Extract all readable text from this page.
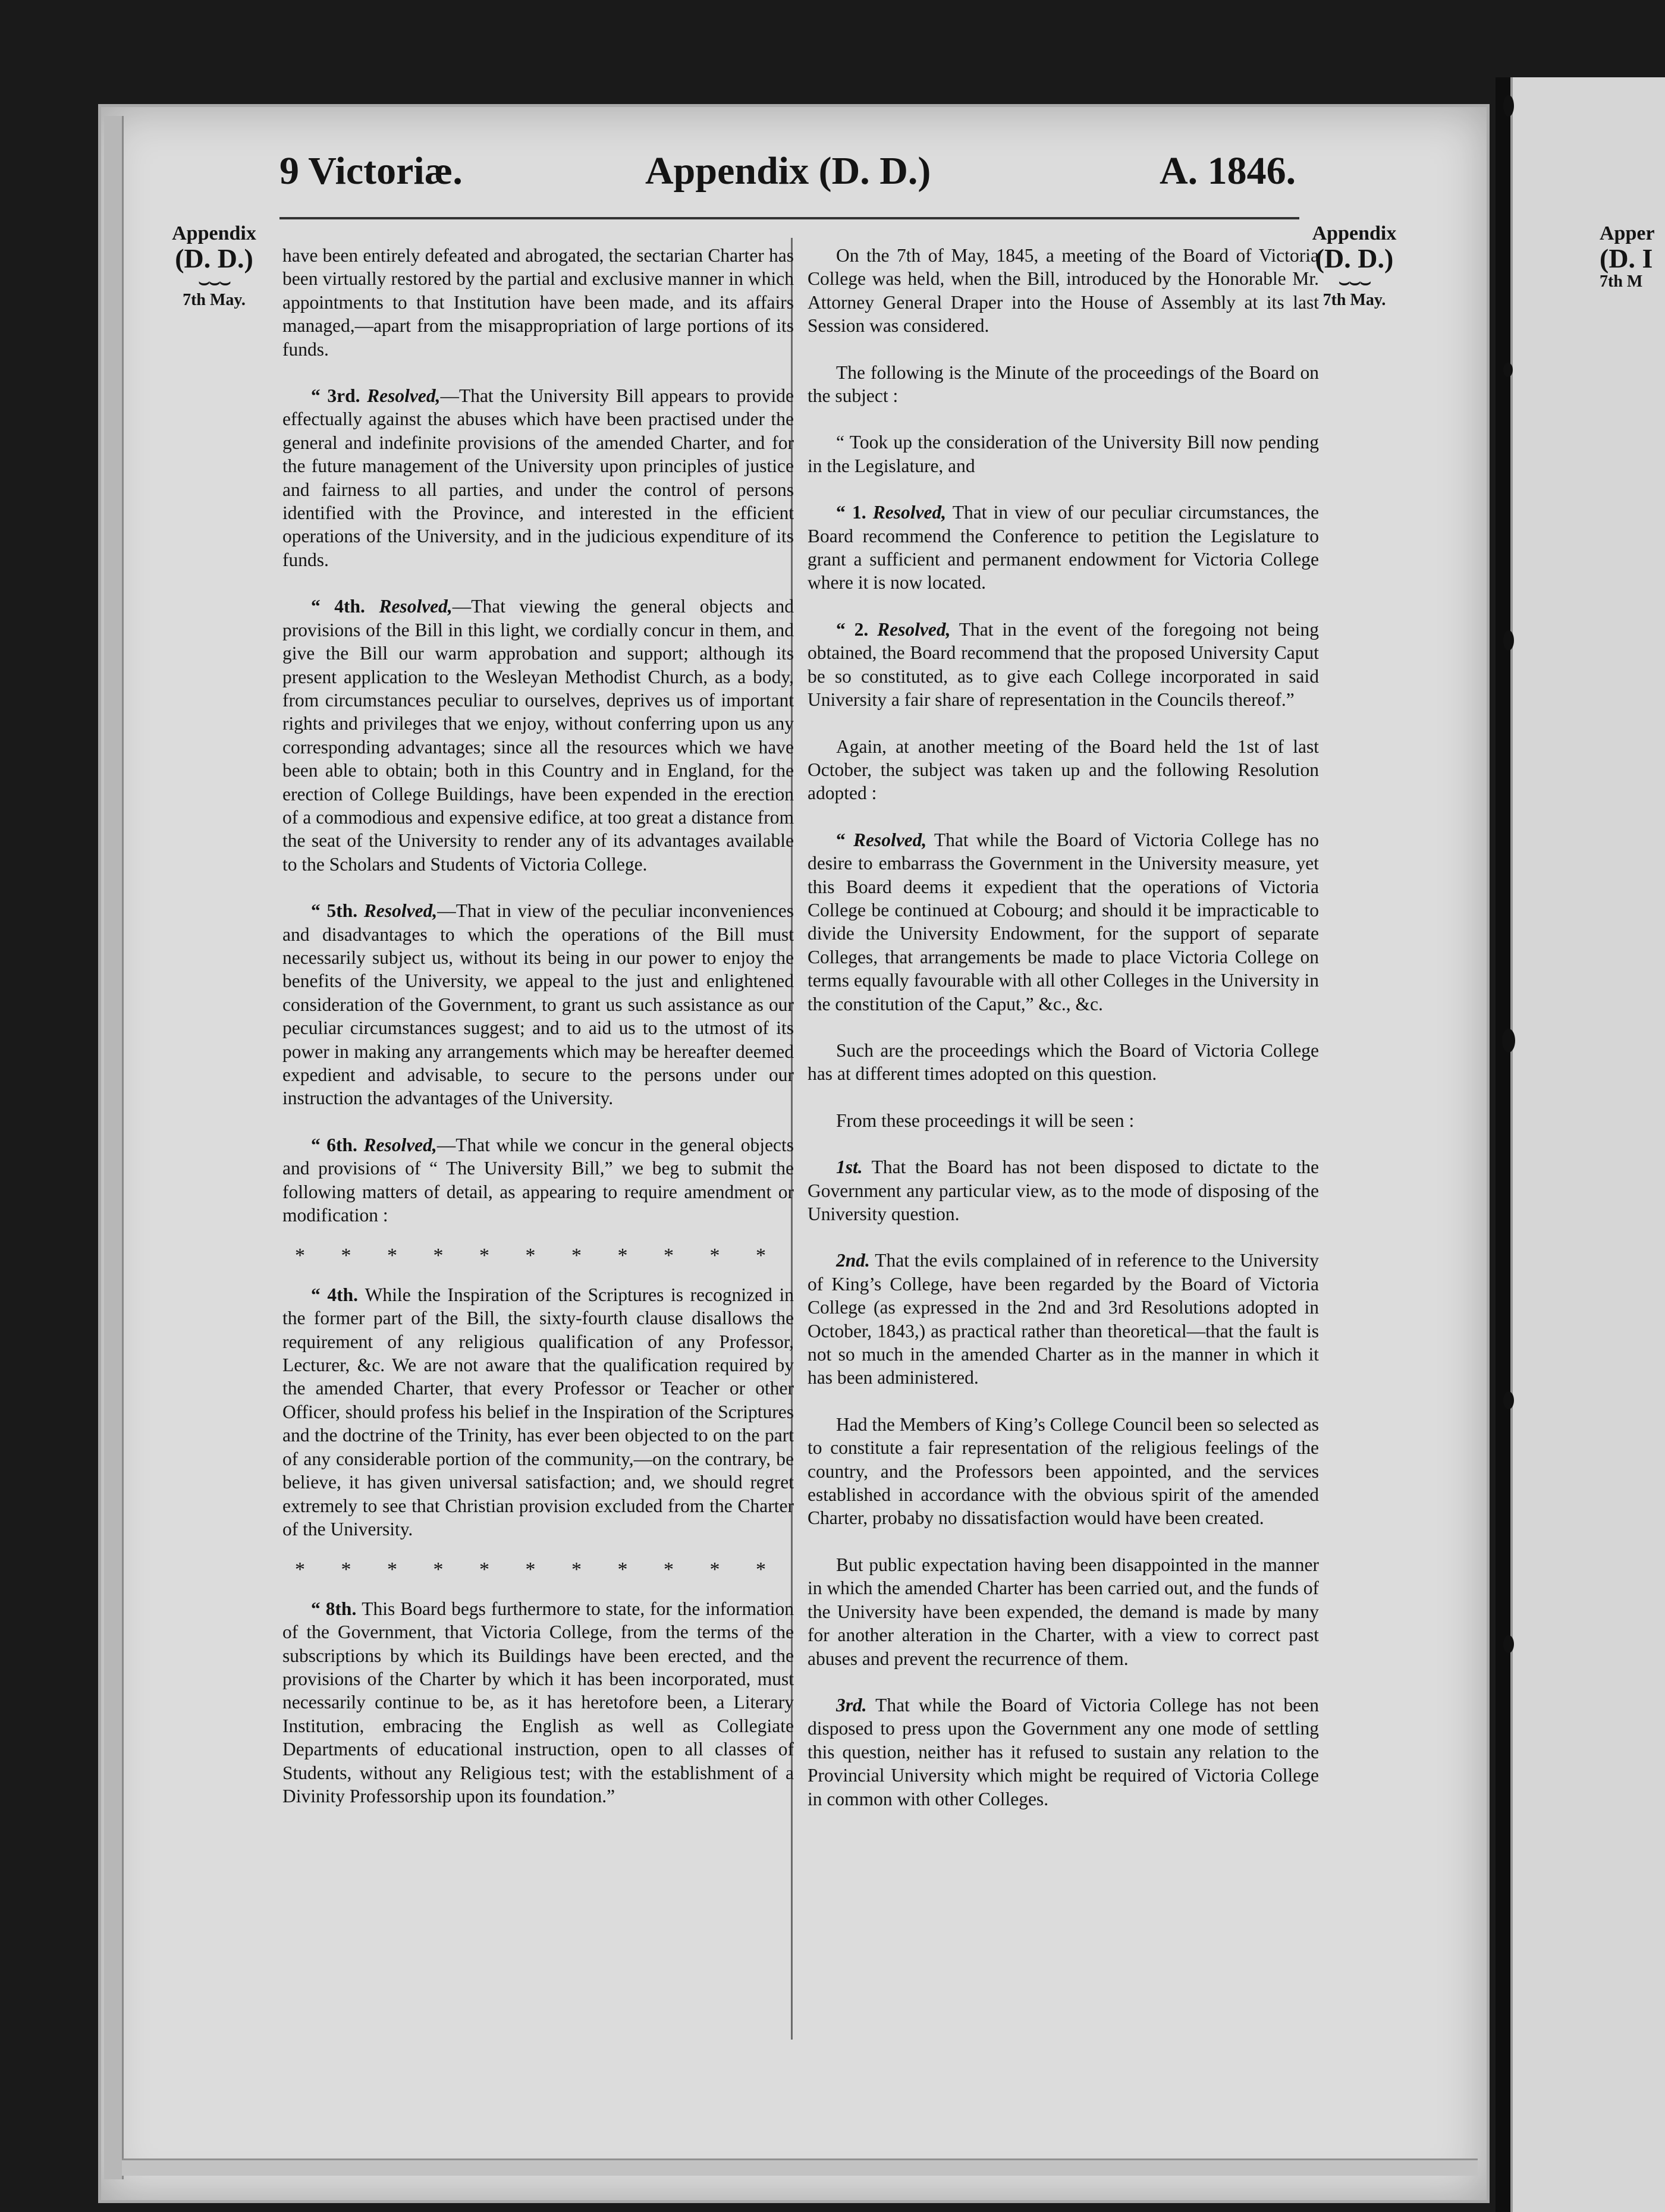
9 Victoriæ.	Appendix (D. D.)	A. 1846.
Appendix
(D. D.)
⌣⌣⌣
7th May.
Appendix
(D. D.)
⌣⌣⌣
7th May.
Apper
(D. I
7th M
have been entirely defeated and abrogated, the sectarian Charter has been virtually restored by the partial and exclusive manner in which appointments to that Institution have been made, and its affairs managed,—apart from the misappropriation of large portions of its funds.
“ 3rd. Resolved,—That the University Bill appears to provide effectually against the abuses which have been practised under the general and indefinite provisions of the amended Charter, and for the future management of the University upon principles of justice and fairness to all parties, and under the control of persons identified with the Province, and interested in the efficient operations of the University, and in the judicious expenditure of its funds.
“ 4th. Resolved,—That viewing the general objects and provisions of the Bill in this light, we cordially concur in them, and give the Bill our warm approbation and support; although its present application to the Wesleyan Methodist Church, as a body, from circumstances peculiar to ourselves, deprives us of important rights and privileges that we enjoy, without conferring upon us any corresponding advantages; since all the resources which we have been able to obtain; both in this Country and in England, for the erection of College Buildings, have been expended in the erection of a commodious and expensive edifice, at too great a distance from the seat of the University to render any of its advantages available to the Scholars and Students of Victoria College.
“ 5th. Resolved,—That in view of the peculiar inconveniences and disadvantages to which the operations of the Bill must necessarily subject us, without its being in our power to enjoy the benefits of the University, we appeal to the just and enlightened consideration of the Government, to grant us such assistance as our peculiar circumstances suggest; and to aid us to the utmost of its power in making any arrangements which may be hereafter deemed expedient and advisable, to secure to the persons under our instruction the advantages of the University.
“ 6th. Resolved,—That while we concur in the general objects and provisions of “ The University Bill,” we beg to submit the following matters of detail, as appearing to require amendment or modification :
* * * * * * * * * * *
“ 4th. While the Inspiration of the Scriptures is recognized in the former part of the Bill, the sixty-fourth clause disallows the requirement of any religious qualification of any Professor, Lecturer, &c. We are not aware that the qualification required by the amended Charter, that every Professor or Teacher or other Officer, should profess his belief in the Inspiration of the Scriptures and the doctrine of the Trinity, has ever been objected to on the part of any considerable portion of the community,—on the contrary, be believe, it has given universal satisfaction; and, we should regret extremely to see that Christian provision excluded from the Charter of the University.
* * * * * * * * * * *
“ 8th. This Board begs furthermore to state, for the information of the Government, that Victoria College, from the terms of the subscriptions by which its Buildings have been erected, and the provisions of the Charter by which it has been incorporated, must necessarily continue to be, as it has heretofore been, a Literary Institution, embracing the English as well as Collegiate Departments of educational instruction, open to all classes of Students, without any Religious test; with the establishment of a Divinity Professorship upon its foundation.”
On the 7th of May, 1845, a meeting of the Board of Victoria College was held, when the Bill, introduced by the Honorable Mr. Attorney General Draper into the House of Assembly at its last Session was considered.
The following is the Minute of the proceedings of the Board on the subject :
“ Took up the consideration of the University Bill now pending in the Legislature, and
“ 1. Resolved, That in view of our peculiar circumstances, the Board recommend the Conference to petition the Legislature to grant a sufficient and permanent endowment for Victoria College where it is now located.
“ 2. Resolved, That in the event of the foregoing not being obtained, the Board recommend that the proposed University Caput be so constituted, as to give each College incorporated in said University a fair share of representation in the Councils thereof.”
Again, at another meeting of the Board held the 1st of last October, the subject was taken up and the following Resolution adopted :
“ Resolved, That while the Board of Victoria College has no desire to embarrass the Government in the University measure, yet this Board deems it expedient that the operations of Victoria College be continued at Cobourg; and should it be impracticable to divide the University Endowment, for the support of separate Colleges, that arrangements be made to place Victoria College on terms equally favourable with all other Colleges in the University in the constitution of the Caput,” &c., &c.
Such are the proceedings which the Board of Victoria College has at different times adopted on this question.
From these proceedings it will be seen :
1st. That the Board has not been disposed to dictate to the Government any particular view, as to the mode of disposing of the University question.
2nd. That the evils complained of in reference to the University of King’s College, have been regarded by the Board of Victoria College (as expressed in the 2nd and 3rd Resolutions adopted in October, 1843,) as practical rather than theoretical—that the fault is not so much in the amended Charter as in the manner in which it has been administered.
Had the Members of King’s College Council been so selected as to constitute a fair representation of the religious feelings of the country, and the Professors been appointed, and the services established in accordance with the obvious spirit of the amended Charter, probaby no dissatisfaction would have been created.
But public expectation having been disappointed in the manner in which the amended Charter has been carried out, and the funds of the University have been expended, the demand is made by many for another alteration in the Charter, with a view to correct past abuses and prevent the recurrence of them.
3rd. That while the Board of Victoria College has not been disposed to press upon the Government any one mode of settling this question, neither has it refused to sustain any relation to the Provincial University which might be required of Victoria College in common with other Colleges.
